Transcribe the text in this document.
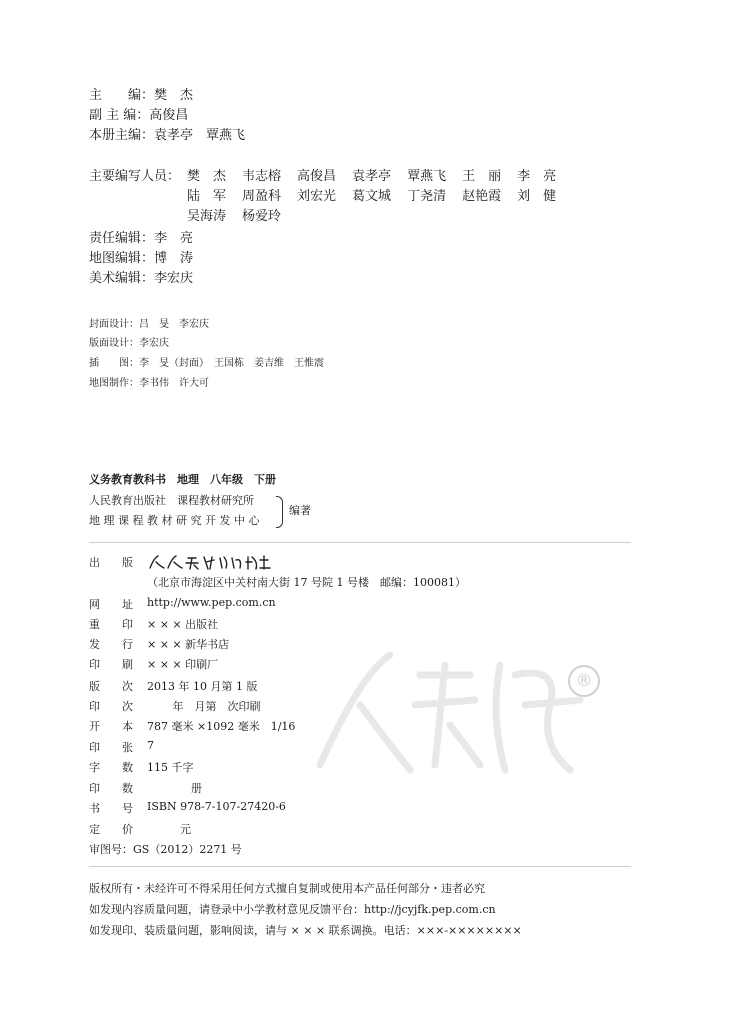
主　　编：樊　杰
副 主 编：高俊昌
本册主编：袁孝亭　覃燕飞
主要编写人员： 樊　杰 韦志榕 高俊昌 袁孝亭 覃燕飞 王　丽 李　亮
陆　军 周盈科 刘宏光 葛文城 丁尧清 赵艳霞 刘　健
吴海涛 杨爱玲
责任编辑：李　亮
地图编辑：博　涛
美术编辑：李宏庆
封面设计：吕　旻　李宏庆
版面设计：李宏庆
插　　图：李　旻（封面）　王国栋　姜吉维　王惟震
地图制作：李书伟　许大可
义务教育教科书　地理　八年级　下册
人民教育出版社　课程教材研究所
地 理 课 程 教 材 研 究 开 发 中 心
编著
出　　版
（北京市海淀区中关村南大街 17 号院 1 号楼　邮编：100081）
网　　址	http://www.pep.com.cn
重　　印	× × × 出版社
发　　行	× × × 新华书店
印　　刷	× × × 印刷厂
版　　次	2013 年 10 月第 1 版
印　　次	　　 年　月第　次印刷
开　　本	787 毫米 ×1092 毫米　1/16
印　　张	7
字　　数	115 千字
印　　数	　　　　册
书　　号	ISBN 978-7-107-27420-6
定　　价	　　　元
审图号：GS（2012）2271 号
®
版权所有・未经许可不得采用任何方式擅自复制或使用本产品任何部分・违者必究
如发现内容质量问题，请登录中小学教材意见反馈平台：http://jcyjfk.pep.com.cn
如发现印、装质量问题，影响阅读，请与 × × × 联系调换。电话：×××-××××××××
